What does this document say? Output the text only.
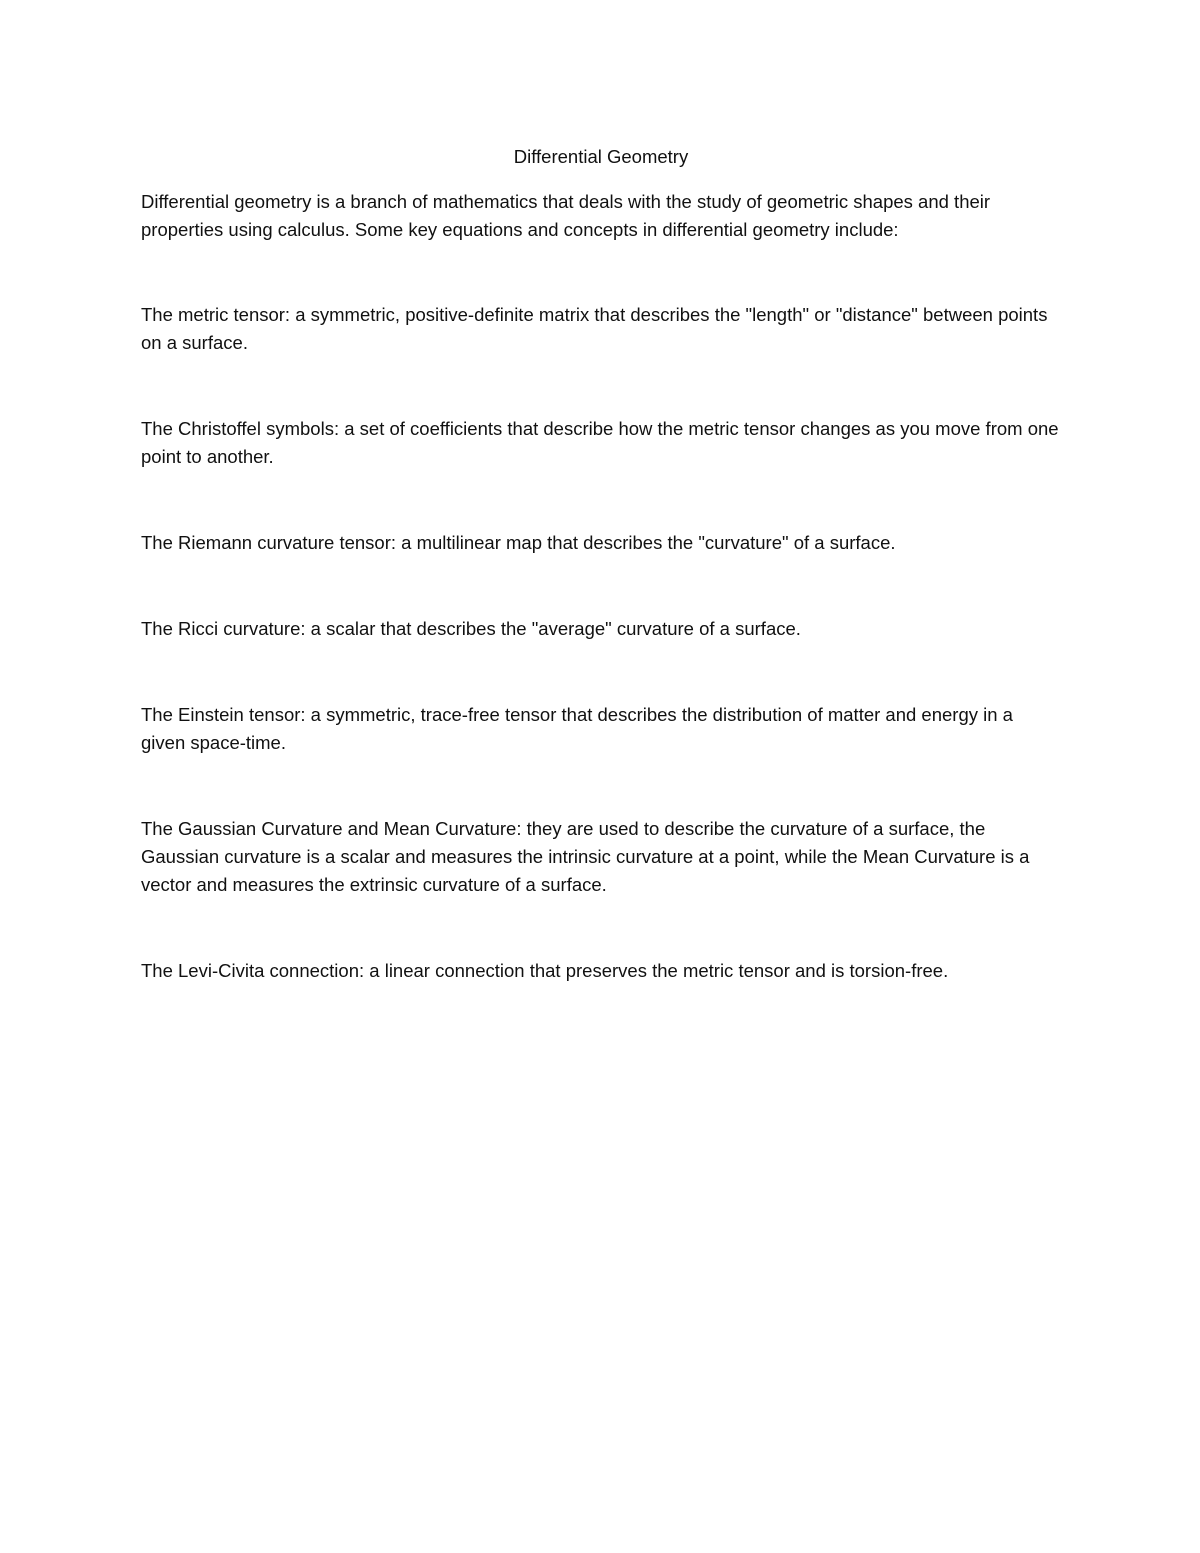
Differential Geometry

Differential geometry is a branch of mathematics that deals with the study of geometric shapes and their properties using calculus. Some key equations and concepts in differential geometry include:

The metric tensor: a symmetric, positive-definite matrix that describes the "length" or "distance" between points on a surface.

The Christoffel symbols: a set of coefficients that describe how the metric tensor changes as you move from one point to another.

The Riemann curvature tensor: a multilinear map that describes the "curvature" of a surface.

The Ricci curvature: a scalar that describes the "average" curvature of a surface.

The Einstein tensor: a symmetric, trace-free tensor that describes the distribution of matter and energy in a given space-time.

The Gaussian Curvature and Mean Curvature: they are used to describe the curvature of a surface, the Gaussian curvature is a scalar and measures the intrinsic curvature at a point, while the Mean Curvature is a vector and measures the extrinsic curvature of a surface.

The Levi-Civita connection: a linear connection that preserves the metric tensor and is torsion-free.
